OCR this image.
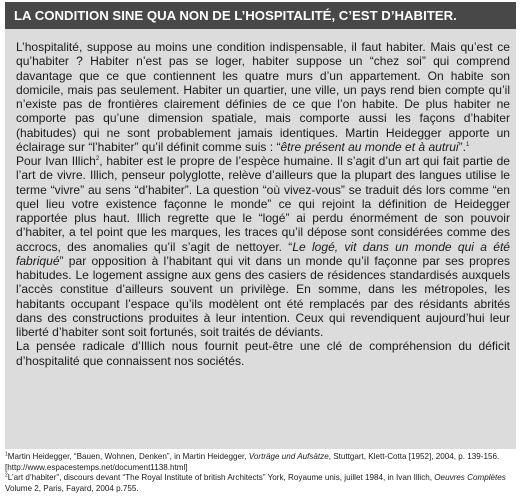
LA CONDITION SINE QUA NON DE L’HOSPITALITÉ, C’EST D’HABITER.

L’hospitalité, suppose au moins une condition indispensable, il faut habiter. Mais qu’est ce qu’habiter ? Habiter n’est pas se loger, habiter suppose un “chez soi” qui comprend davantage que ce que contiennent les quatre murs d’un appartement. On habite son domicile, mais pas seulement. Habiter un quartier, une ville, un pays rend bien compte qu’il n’existe pas de frontières clairement définies de ce que l’on habite. De plus habiter ne comporte pas qu’une dimension spatiale, mais comporte aussi les façons d’habiter (habitudes) qui ne sont probablement jamais identiques. Martin Heidegger apporte un éclairage sur “l’habiter” qu’il définit comme suis : “être présent au monde et à autrui”.$^1$

Pour Ivan Illich$^2$, habiter est le propre de l’espèce humaine. Il s’agit d’un art qui fait partie de l’art de vivre. Illich, penseur polyglotte, relève d’ailleurs que la plupart des langues utilise le terme “vivre” au sens “d’habiter”. La question “où vivez-vous” se traduit dés lors comme “en quel lieu votre existence façonne le monde” ce qui rejoint la définition de Heidegger rapportée plus haut. Illich regrette que le “logé” ai perdu énormément de son pouvoir d’habiter, a tel point que les marques, les traces qu’il dépose sont considérées comme des accrocs, des anomalies qu’il s’agit de nettoyer. “Le logé, vit dans un monde qui a été fabriqué” par opposition à l’habitant qui vit dans un monde qu’il façonne par ses propres habitudes. Le logement assigne aux gens des casiers de résidences standardisés auxquels l’accès constitue d’ailleurs souvent un privilège. En somme, dans les métropoles, les habitants occupant l’espace qu’ils modèlent ont été remplacés par des résidants abrités dans des constructions produites à leur intention. Ceux qui revendiquent aujourd’hui leur liberté d’habiter sont soit fortunés, soit traités de déviants.

La pensée radicale d’Illich nous fournit peut-être une clé de compréhension du déficit d’hospitalité que connaissent nos sociétés.

$^1$Martin Heidegger, “Bauen, Wohnen, Denken”, in Martin Heidegger, Vorträge und Aufsätze, Stuttgart, Klett-Cotta [1952], 2004, p. 139-156. [http://www.espacestemps.net/document1138.html]

$^2$L’art d’habiter”, discours devant “The Royal Institute of british Architects” York, Royaume unis, juillet 1984, in Ivan Illich, Oeuvres Complètes Volume 2, Paris, Fayard, 2004 p.755.
